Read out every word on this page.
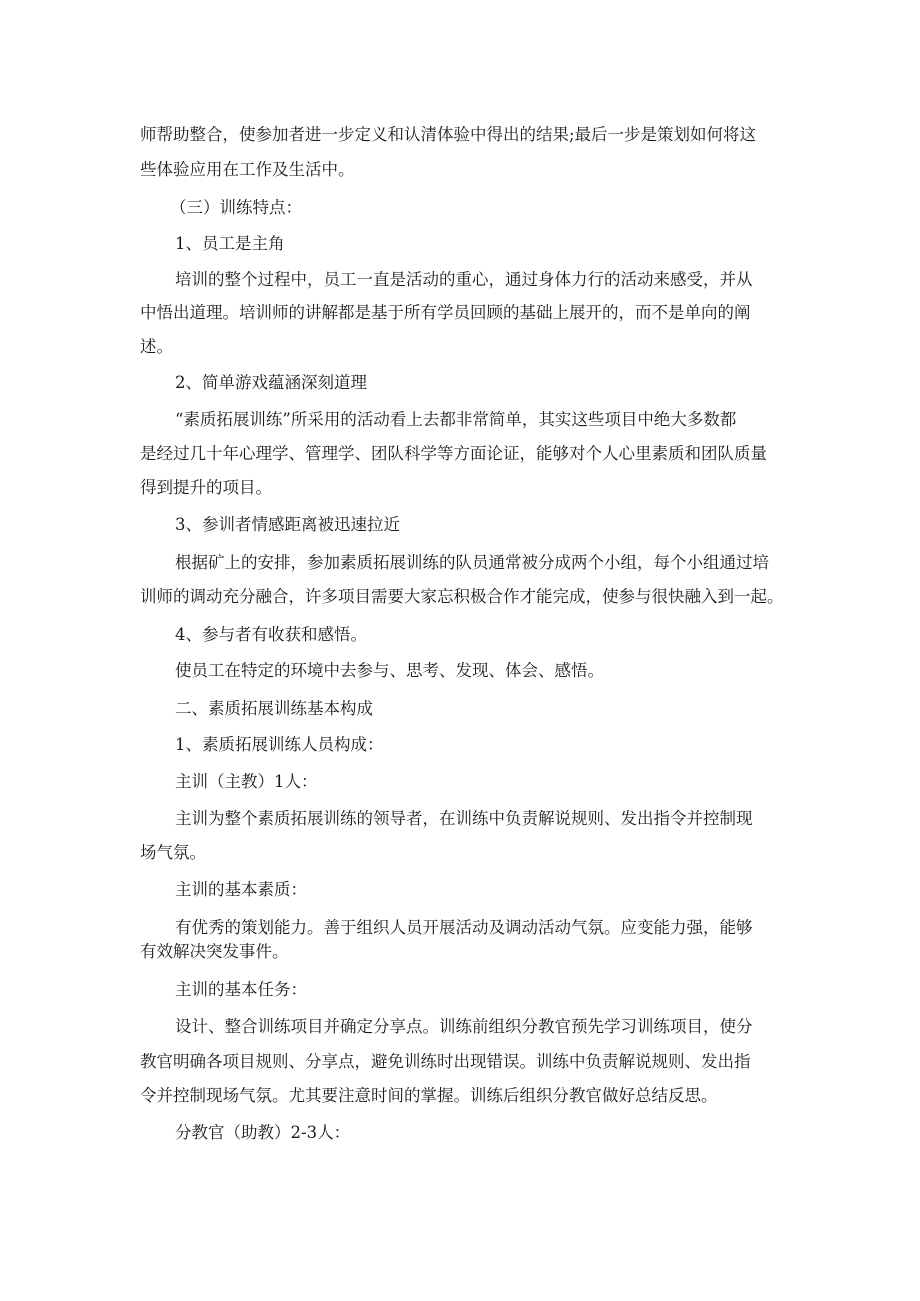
师帮助整合，使参加者进一步定义和认清体验中得出的结果;最后一步是策划如何将这

些体验应用在工作及生活中。

（三）训练特点：

1、员工是主角

培训的整个过程中，员工一直是活动的重心，通过身体力行的活动来感受，并从

中悟出道理。培训师的讲解都是基于所有学员回顾的基础上展开的，而不是单向的阐

述。

2、简单游戏蕴涵深刻道理

“素质拓展训练”所采用的活动看上去都非常简单，其实这些项目中绝大多数都

是经过几十年心理学、管理学、团队科学等方面论证，能够对个人心里素质和团队质量

得到提升的项目。

3、参训者情感距离被迅速拉近

根据矿上的安排，参加素质拓展训练的队员通常被分成两个小组，每个小组通过培

训师的调动充分融合，许多项目需要大家忘积极合作才能完成，使参与很快融入到一起。

4、参与者有收获和感悟。

使员工在特定的环境中去参与、思考、发现、体会、感悟。

二、素质拓展训练基本构成

1、素质拓展训练人员构成：

主训（主教）1人：

主训为整个素质拓展训练的领导者，在训练中负责解说规则、发出指令并控制现

场气氛。

主训的基本素质：

有优秀的策划能力。善于组织人员开展活动及调动活动气氛。应变能力强，能够

有效解决突发事件。

主训的基本任务：

设计、整合训练项目并确定分享点。训练前组织分教官预先学习训练项目，使分

教官明确各项目规则、分享点，避免训练时出现错误。训练中负责解说规则、发出指

令并控制现场气氛。尤其要注意时间的掌握。训练后组织分教官做好总结反思。

分教官（助教）2-3人：
